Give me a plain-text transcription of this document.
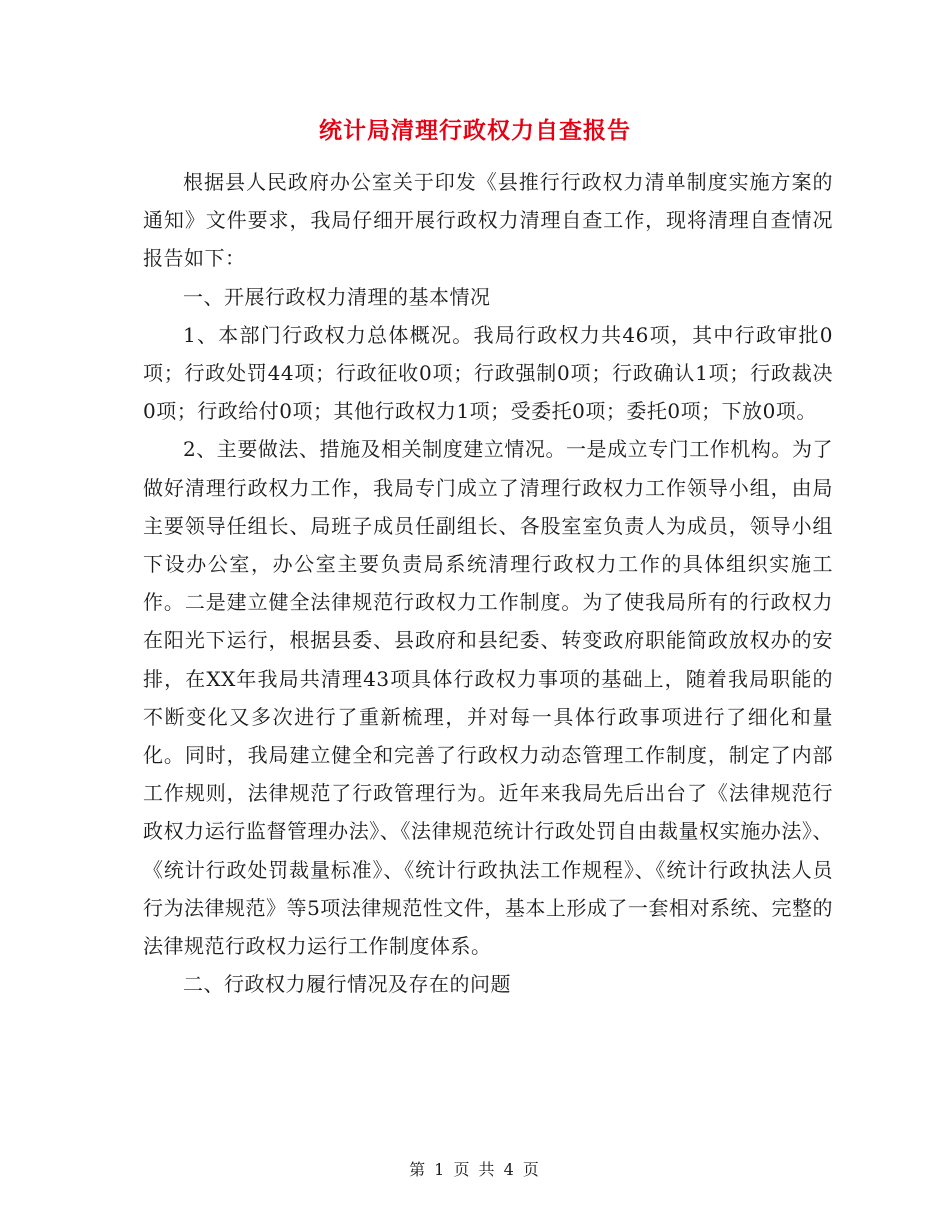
统计局清理行政权力自查报告

根据县人民政府办公室关于印发《县推行行政权力清单制度实施方案的通知》文件要求，我局仔细开展行政权力清理自查工作，现将清理自查情况报告如下：

一、开展行政权力清理的基本情况

1、本部门行政权力总体概况。我局行政权力共46项，其中行政审批0项；行政处罚44项；行政征收0项；行政强制0项；行政确认1项；行政裁决0项；行政给付0项；其他行政权力1项；受委托0项；委托0项；下放0项。

2、主要做法、措施及相关制度建立情况。一是成立专门工作机构。为了做好清理行政权力工作，我局专门成立了清理行政权力工作领导小组，由局主要领导任组长、局班子成员任副组长、各股室室负责人为成员，领导小组下设办公室，办公室主要负责局系统清理行政权力工作的具体组织实施工作。二是建立健全法律规范行政权力工作制度。为了使我局所有的行政权力在阳光下运行，根据县委、县政府和县纪委、转变政府职能简政放权办的安排，在XX年我局共清理43项具体行政权力事项的基础上，随着我局职能的不断变化又多次进行了重新梳理，并对每一具体行政事项进行了细化和量化。同时，我局建立健全和完善了行政权力动态管理工作制度，制定了内部工作规则，法律规范了行政管理行为。近年来我局先后出台了《法律规范行政权力运行监督管理办法》、《法律规范统计行政处罚自由裁量权实施办法》、《统计行政处罚裁量标准》、《统计行政执法工作规程》、《统计行政执法人员行为法律规范》等5项法律规范性文件，基本上形成了一套相对系统、完整的法律规范行政权力运行工作制度体系。

二、行政权力履行情况及存在的问题

第 1 页 共 4 页
